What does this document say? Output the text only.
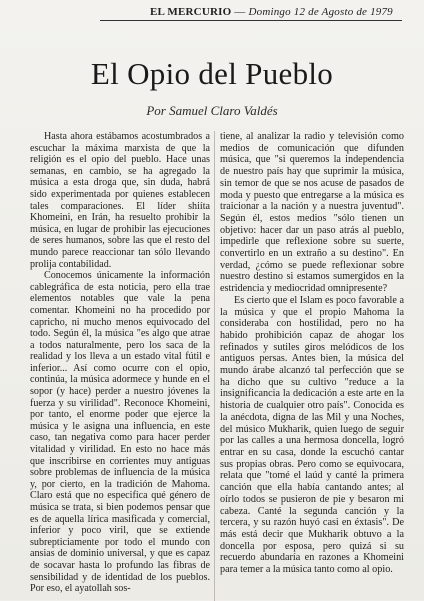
EL MERCURIO — Domingo 12 de Agosto de 1979
El Opio del Pueblo
Por Samuel Claro Valdés

Hasta ahora estábamos acostumbrados a escuchar la máxima marxista de que la religión es el opio del pueblo. Hace unas semanas, en cambio, se ha agregado la música a esta droga que, sin duda, habrá sido experimentada por quienes establecen tales comparaciones. El líder shiíta Khomeini, en Irán, ha resuelto prohibir la música, en lugar de prohibir las ejecuciones de seres humanos, sobre las que el resto del mundo parece reaccionar tan sólo llevando prolija contabilidad.

Conocemos únicamente la información cablegráfica de esta noticia, pero ella trae elementos notables que vale la pena comentar. Khomeini no ha procedido por capricho, ni mucho menos equivocado del todo. Según él, la música "es algo que atrae a todos naturalmente, pero los saca de la realidad y los lleva a un estado vital fútil e inferior... Así como ocurre con el opio, continúa, la música adormece y hunde en el sopor (y hace) perder a nuestro jóvenes la fuerza y su virilidad". Reconoce Khomeini, por tanto, el enorme poder que ejerce la música y le asigna una influencia, en este caso, tan negativa como para hacer perder vitalidad y virilidad. En esto no hace más que inscribirse en corrientes muy antiguas sobre problemas de influencia de la música y, por cierto, en la tradición de Mahoma. Claro está que no especifica qué género de música se trata, si bien podemos pensar que es de aquella lírica masificada y comercial, inferior y poco viril, que se extiende subrepticiamente por todo el mundo con ansias de dominio universal, y que es capaz de socavar hasta lo profundo las fibras de sensibilidad y de identidad de los pueblos. Por eso, el ayatollah sos-

tiene, al analizar la radio y televisión como medios de comunicación que difunden música, que "si queremos la independencia de nuestro país hay que suprimir la música, sin temor de que se nos acuse de pasados de moda y puesto que entregarse a la música es traicionar a la nación y a nuestra juventud". Según él, estos medios "sólo tienen un objetivo: hacer dar un paso atrás al pueblo, impedirle que reflexione sobre su suerte, convertirlo en un extraño a su destino". En verdad, ¿cómo se puede reflexionar sobre nuestro destino si estamos sumergidos en la estridencia y mediocridad omnipresente?

Es cierto que el Islam es poco favorable a la música y que el propio Mahoma la consideraba con hostilidad, pero no ha habido prohibición capaz de ahogar los refinados y sutiles giros melódicos de los antiguos persas. Antes bien, la música del mundo árabe alcanzó tal perfección que se ha dicho que su cultivo "reduce a la insignificancia la dedicación a este arte en la historia de cualquier otro país". Conocida es la anécdota, digna de las Mil y una Noches, del músico Mukharik, quien luego de seguir por las calles a una hermosa doncella, logró entrar en su casa, donde la escuchó cantar sus propias obras. Pero como se equivocara, relata que "tomé el laúd y canté la primera canción que ella había cantando antes; al oírlo todos se pusieron de pie y besaron mi cabeza. Canté la segunda canción y la tercera, y su razón huyó casi en éxtasis". De más está decir que Mukharik obtuvo a la doncella por esposa, pero quizá si su recuerdo abundaría en razones a Khomeini para temer a la música tanto como al opio.
